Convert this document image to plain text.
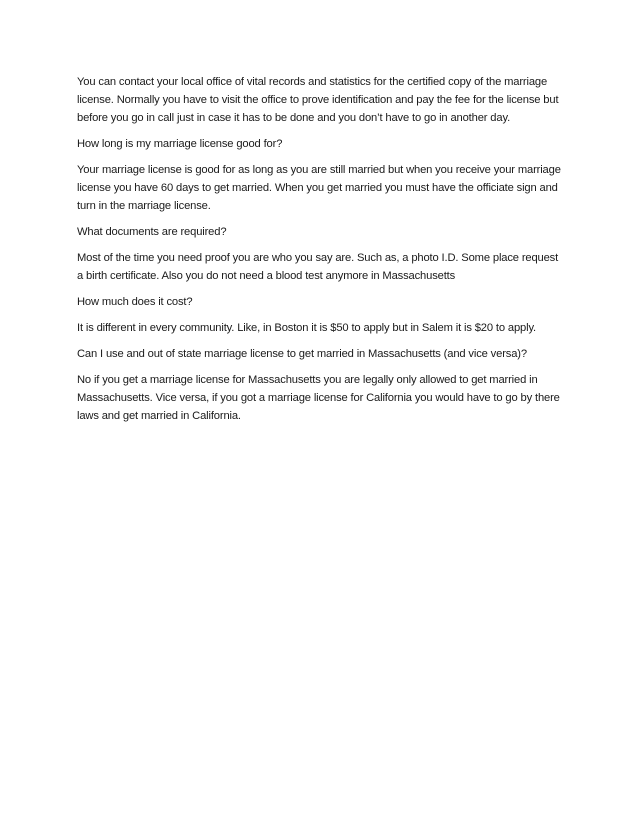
You can contact your local office of vital records and statistics for the certified copy of the marriage license. Normally you have to visit the office to prove identification and pay the fee for the license but before you go in call just in case it has to be done and you don’t have to go in another day.

How long is my marriage license good for?

Your marriage license is good for as long as you are still married but when you receive your marriage license you have 60 days to get married. When you get married you must have the officiate sign and turn in the marriage license.

What documents are required?

Most of the time you need proof you are who you say are. Such as, a photo I.D. Some place request a birth certificate. Also you do not need a blood test anymore in Massachusetts

How much does it cost?

It is different in every community. Like, in Boston it is $50 to apply but in Salem it is $20 to apply.

Can I use and out of state marriage license to get married in Massachusetts (and vice versa)?

No if you get a marriage license for Massachusetts you are legally only allowed to get married in Massachusetts. Vice versa, if you got a marriage license for California you would have to go by there laws and get married in California.
